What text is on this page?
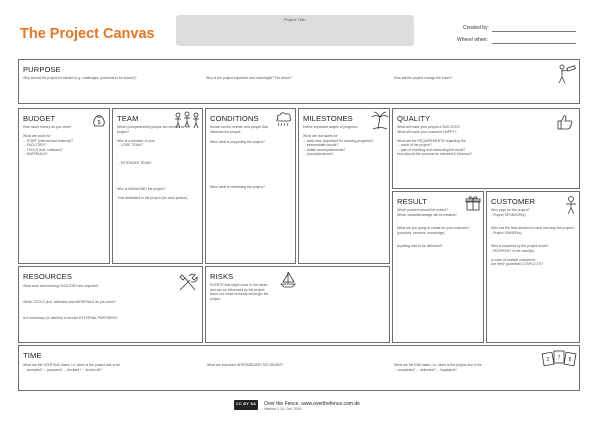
The Project Canvas
Project Title:
Created by:
Where/ when:
PURPOSE
Why should the project be started (e.g. challenges, problems to be solved)?	Why is the project important and meaningful? For whom?	How will the project change the future?
BUDGET
How much money do you need?

What are costs for:
... STAFF (internal and external)?
... FACILITIES?
... TOOLS (incl. software)?
... MATERIALS?
$ TEAM
Which (competencies) people are needed for the project?

Who is a member of your
... CORE TEAM?

... EXTENDED TEAM?
Who is MANAGING the project?

Time dedicated to the project (for each person).
CONDITIONS
Known forces, events, and people that influence the project.
Who/ what is supporting the project?
Who/ what is restraining the project?
MILESTONES
Define important stages of progress!

What are due dates for
... early wins (important for showing progress)?
... intermediate results?
... visible accomplishments?
... (count)decisions?
QUALITY
What will make your project a SUCCESS?
What will make your customer HAPPY?

What are the REQUIREMENTS regarding the
... result of the project?
... path of reaching and measuring the result?
How should the outcome be checked & informed?
RESULT
Which problem should be solved?
Which value/advantage will be created?

What are you going to create for your customer? (products, services, knowledge)

Anything else to be delivered?
CUSTOMER
Who pays for the project?
- Project SPONSOR(s).

Who has the final decision to start and stop the project?
- Project OWNER(s).

Who is impacted by the project result?
- RECIPIENT of the result(s).

In case of multiple customers:
Are there (potential) CONFLICTS?
RESOURCES
What work and meeting FACILITIES are required?
Which TOOLS (incl. software) and MATERIALS do you need?
Is it necessary (or desired) to involve EXTERNAL PARTNERS?
RISKS
EVENTS that might occur in the future and can be influenced by the project team, but could seriously endanger the project.
TIME
What are the STARTING dates, i.e. when is the project due to be
... accepted? ... prepared? ... decided? ... kicked-off?
What are important INTERMEDIATE DECISIONS?	What are the END dates, i.e. when is the project due to be
... completed? ... delivered? ... liquidated?
2 7 8
CC BY SA Over the Fence, www.overthefence.com.de
Version 1.10, Oct. 2016
